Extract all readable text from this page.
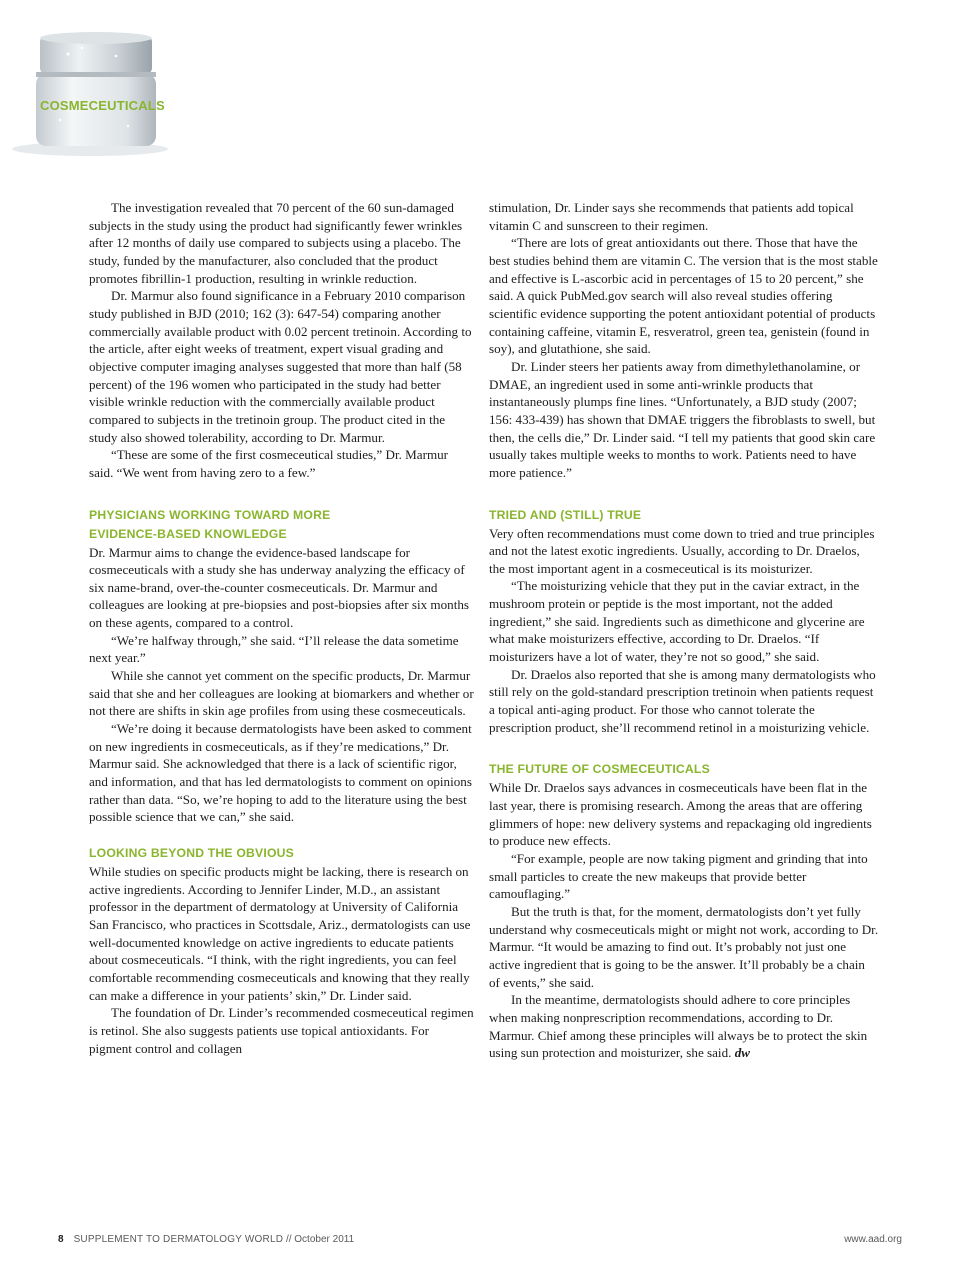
COSMECEUTICALS

The investigation revealed that 70 percent of the 60 sun-damaged subjects in the study using the product had significantly fewer wrinkles after 12 months of daily use compared to subjects using a placebo. The study, funded by the manufacturer, also concluded that the product promotes fibrillin-1 production, resulting in wrinkle reduction.

Dr. Marmur also found significance in a February 2010 comparison study published in BJD (2010; 162 (3): 647-54) comparing another commercially available product with 0.02 percent tretinoin. According to the article, after eight weeks of treatment, expert visual grading and objective computer imaging analyses suggested that more than half (58 percent) of the 196 women who participated in the study had better visible wrinkle reduction with the commercially available product compared to subjects in the tretinoin group. The product cited in the study also showed tolerability, according to Dr. Marmur.

“These are some of the first cosmeceutical studies,” Dr. Marmur said. “We went from having zero to a few.”

PHYSICIANS WORKING TOWARD MORE
EVIDENCE-BASED KNOWLEDGE

Dr. Marmur aims to change the evidence-based landscape for cosmeceuticals with a study she has underway analyzing the efficacy of six name-brand, over-the-counter cosmeceuticals. Dr. Marmur and colleagues are looking at pre-biopsies and post-biopsies after six months on these agents, compared to a control.

“We’re halfway through,” she said. “I’ll release the data sometime next year.”

While she cannot yet comment on the specific products, Dr. Marmur said that she and her colleagues are looking at biomarkers and whether or not there are shifts in skin age profiles from using these cosmeceuticals.

“We’re doing it because dermatologists have been asked to comment on new ingredients in cosmeceuticals, as if they’re medications,” Dr. Marmur said. She acknowledged that there is a lack of scientific rigor, and information, and that has led dermatologists to comment on opinions rather than data. “So, we’re hoping to add to the literature using the best possible science that we can,” she said.

LOOKING BEYOND THE OBVIOUS

While studies on specific products might be lacking, there is research on active ingredients. According to Jennifer Linder, M.D., an assistant professor in the department of dermatology at University of California San Francisco, who practices in Scottsdale, Ariz., dermatologists can use well-documented knowledge on active ingredients to educate patients about cosmeceuticals. “I think, with the right ingredients, you can feel comfortable recommending cosmeceuticals and knowing that they really can make a difference in your patients’ skin,” Dr. Linder said.

The foundation of Dr. Linder’s recommended cosmeceutical regimen is retinol. She also suggests patients use topical antioxidants. For pigment control and collagen

stimulation, Dr. Linder says she recommends that patients add topical vitamin C and sunscreen to their regimen.

“There are lots of great antioxidants out there. Those that have the best studies behind them are vitamin C. The version that is the most stable and effective is L-ascorbic acid in percentages of 15 to 20 percent,” she said. A quick PubMed.gov search will also reveal studies offering scientific evidence supporting the potent antioxidant potential of products containing caffeine, vitamin E, resveratrol, green tea, genistein (found in soy), and glutathione, she said.

Dr. Linder steers her patients away from dimethylethanolamine, or DMAE, an ingredient used in some anti-wrinkle products that instantaneously plumps fine lines. “Unfortunately, a BJD study (2007; 156: 433-439) has shown that DMAE triggers the fibroblasts to swell, but then, the cells die,” Dr. Linder said. “I tell my patients that good skin care usually takes multiple weeks to months to work. Patients need to have more patience.”

TRIED AND (STILL) TRUE

Very often recommendations must come down to tried and true principles and not the latest exotic ingredients. Usually, according to Dr. Draelos, the most important agent in a cosmeceutical is its moisturizer.

“The moisturizing vehicle that they put in the caviar extract, in the mushroom protein or peptide is the most important, not the added ingredient,” she said. Ingredients such as dimethicone and glycerine are what make moisturizers effective, according to Dr. Draelos. “If moisturizers have a lot of water, they’re not so good,” she said.

Dr. Draelos also reported that she is among many dermatologists who still rely on the gold-standard prescription tretinoin when patients request a topical anti-aging product. For those who cannot tolerate the prescription product, she’ll recommend retinol in a moisturizing vehicle.

THE FUTURE OF COSMECEUTICALS

While Dr. Draelos says advances in cosmeceuticals have been flat in the last year, there is promising research. Among the areas that are offering glimmers of hope: new delivery systems and repackaging old ingredients to produce new effects.

“For example, people are now taking pigment and grinding that into small particles to create the new makeups that provide better camouflaging.”

But the truth is that, for the moment, dermatologists don’t yet fully understand why cosmeceuticals might or might not work, according to Dr. Marmur. “It would be amazing to find out. It’s probably not just one active ingredient that is going to be the answer. It’ll probably be a chain of events,” she said.

In the meantime, dermatologists should adhere to core principles when making nonprescription recommendations, according to Dr. Marmur. Chief among these principles will always be to protect the skin using sun protection and moisturizer, she said. dw

8 SUPPLEMENT TO DERMATOLOGY WORLD // October 2011	www.aad.org
